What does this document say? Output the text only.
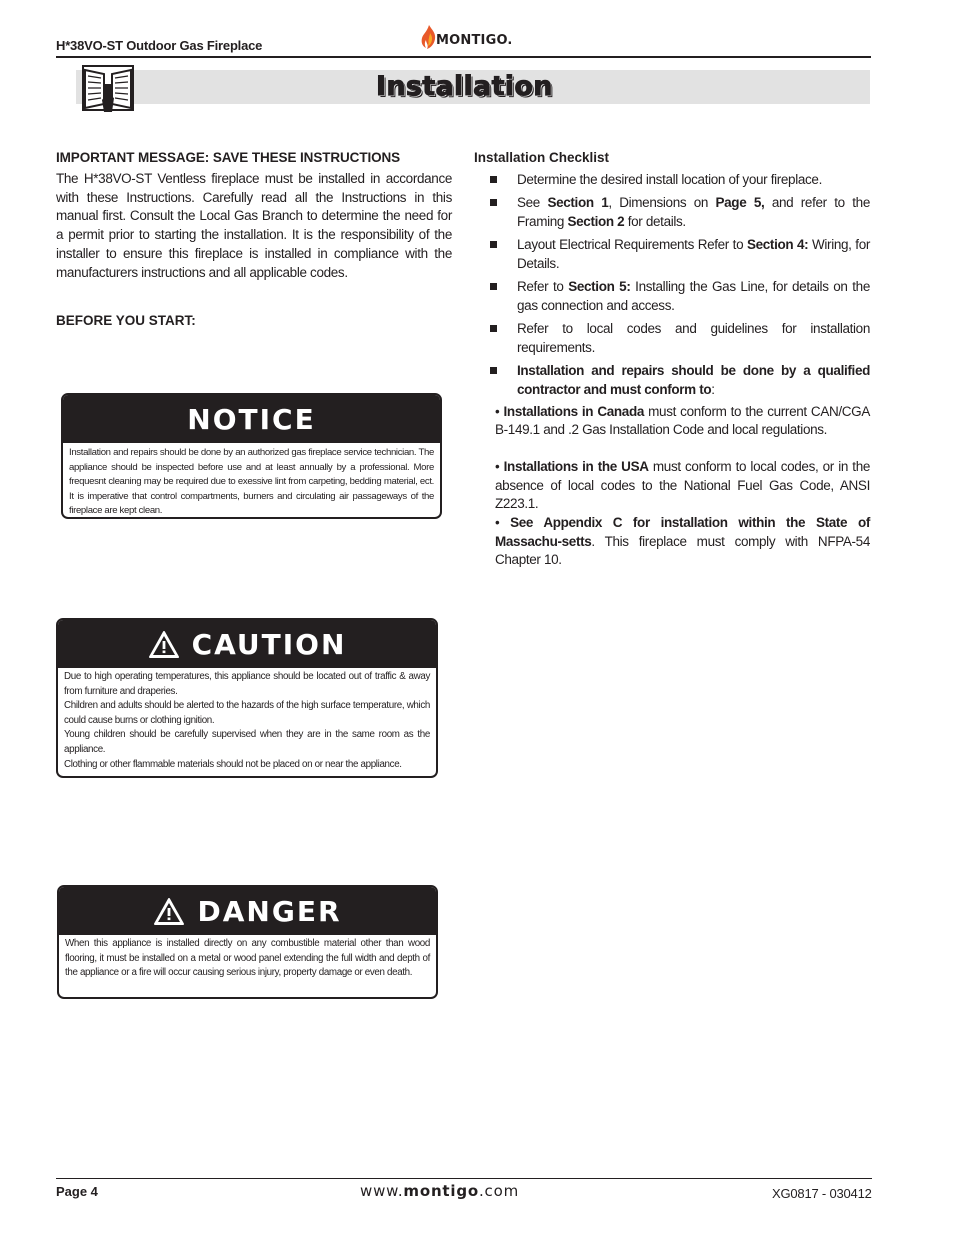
H*38VO-ST Outdoor Gas Fireplace	MONTIGO.
Installation
IMPORTANT MESSAGE: SAVE THESE INSTRUCTIONS

The H*38VO-ST Ventless fireplace must be installed in accordance with these Instructions. Carefully read all the Instructions in this manual first. Consult the Local Gas Branch to determine the need for a permit prior to starting the installation. It is the responsibility of the installer to ensure this fireplace is installed in compliance with the manufacturers instructions and all applicable codes.

BEFORE YOU START:
NOTICE
Installation and repairs should be done by an authorized gas fireplace service technician. The appliance should be inspected before use and at least annually by a professional. More frequesnt cleaning may be required due to exessive lint from carpeting, bedding material, ect. It is imperative that control compartments, burners and circulating air passageways of the fireplace are kept clean.
CAUTION

Due to high operating temperatures, this appliance should be located out of traffic & away from furniture and draperies.

Children and adults should be alerted to the hazards of the high surface temperature, which could cause burns or clothing ignition.

Young children should be carefully supervised when they are in the same room as the appliance.

Clothing or other flammable materials should not be placed on or near the appliance.

DANGER
When this appliance is installed directly on any combustible material other than wood flooring, it must be installed on a metal or wood panel extending the full width and depth of the appliance or a fire will occur causing serious injury, property damage or even death.
Installation Checklist
Determine the desired install location of your fireplace.
See Section 1, Dimensions on Page 5, and refer to the Framing Section 2 for details.
Layout Electrical Requirements Refer to Section 4: Wiring, for Details.
Refer to Section 5: Installing the Gas Line, for details on the gas connection and access.
Refer to local codes and guidelines for installation requirements.
Installation and repairs should be done by a qualified contractor and must conform to:

• Installations in Canada must conform to the current CAN/CGA B-149.1 and .2 Gas Installation Code and local regulations.

• Installations in the USA must conform to local codes, or in the absence of local codes to the National Fuel Gas Code, ANSI Z223.1.

• See Appendix C for installation within the State of Massachu-setts. This fireplace must comply with NFPA-54 Chapter 10.

Page 4	www.montigo.com	XG0817 - 030412
